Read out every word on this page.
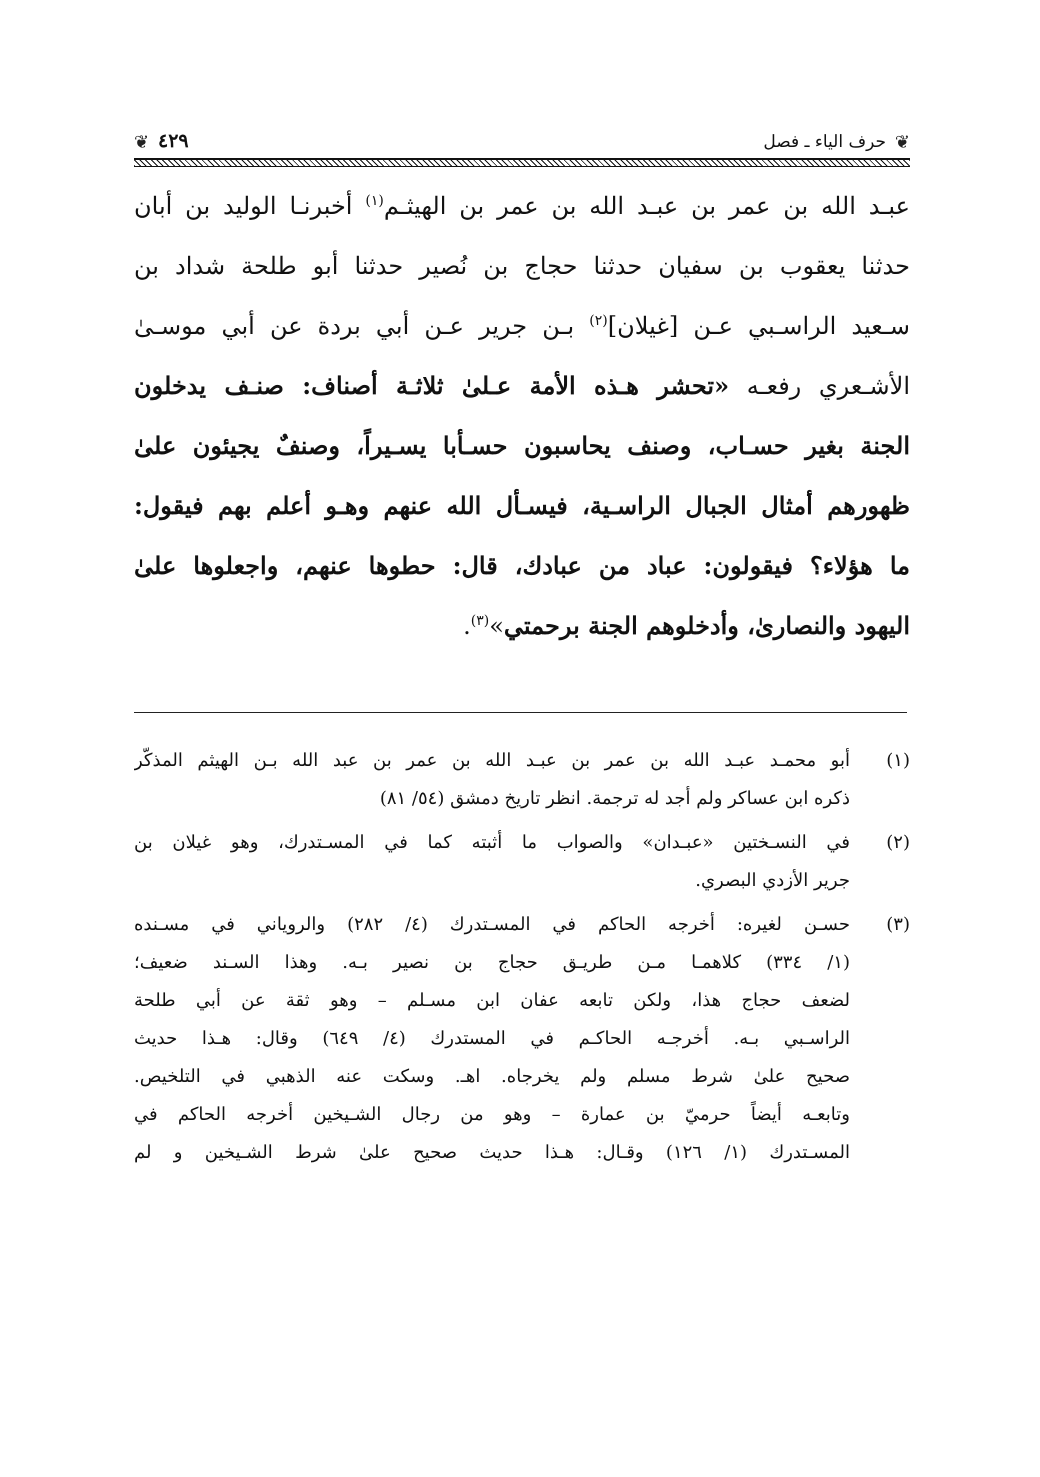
❦
حرف الياء ـ فصل
٤٢٩
❦

عبـد الله بن عمر بن عبـد الله بن عمر بن الهيثـم$^{(١)}$ أخبرنـا الوليد بن أبان

حدثنا يعقوب بن سفيان حدثنا حجاج بن نُصير حدثنا أبو طلحة شداد بن

سـعيد الراسـبي عـن [غيلان]$^{(٢)}$ بـن جرير عـن أبي بردة عن أبي موسـىٰ

الأشـعري رفعـه «تحشر هـذه الأمة عـلىٰ ثلاثـة أصناف: صنـف يدخلون

الجنة بغير حسـاب، وصنف يحاسبون حسـأبا يسـيراً، وصنفٌ يجيئون علىٰ

ظهورهم أمثال الجبال الراسـية، فيسـأل الله عنهم وهـو أعلم بهم فيقول:

ما هؤلاء؟ فيقولون: عباد من عبادك، قال: حطوها عنهم، واجعلوها علىٰ

اليهود والنصارىٰ، وأدخلوهم الجنة برحمتي»$^{(٣)}$.

(١)
أبو محمـد عبـد الله بن عمر بن عبـد الله بن عمر بن عبد الله بـن الهيثم المذكّر
ذكره ابن عساكر ولم أجد له ترجمة. انظر تاريخ دمشق (٥٤/ ٨١)
(٢)
في النسـختين «عبـدان» والصواب ما أثبته كما في المسـتدرك، وهو غيلان بن
جرير الأزدي البصري.
(٣)
حسـن لغيره: أخرجه الحاكم في المسـتدرك (٤/ ٢٨٢) والروياني في مسـنده
(١/ ٣٣٤) كلاهمـا مـن طريـق حجاج بن نصير بـه. وهذا السـند ضعيف؛
لضعف حجاج هذا، ولكن تابعه عفان ابن مسـلم – وهو ثقة عن أبي طلحة
الراسـبي بـه. أخرجـه الحاكـم في المستدرك (٤/ ٦٤٩) وقال: هـذا حديث
صحيح علىٰ شرط مسلم ولم يخرجاه. اهـ. وسكت عنه الذهبي في التلخيص.
وتابعـه أيضاً حرميّ بن عمارة – وهو من رجال الشـيخين أخرجه الحاكم في
المسـتدرك (١/ ١٢٦) وقـال: هـذا حديث صحيح علىٰ شرط الشـيخين و لم
